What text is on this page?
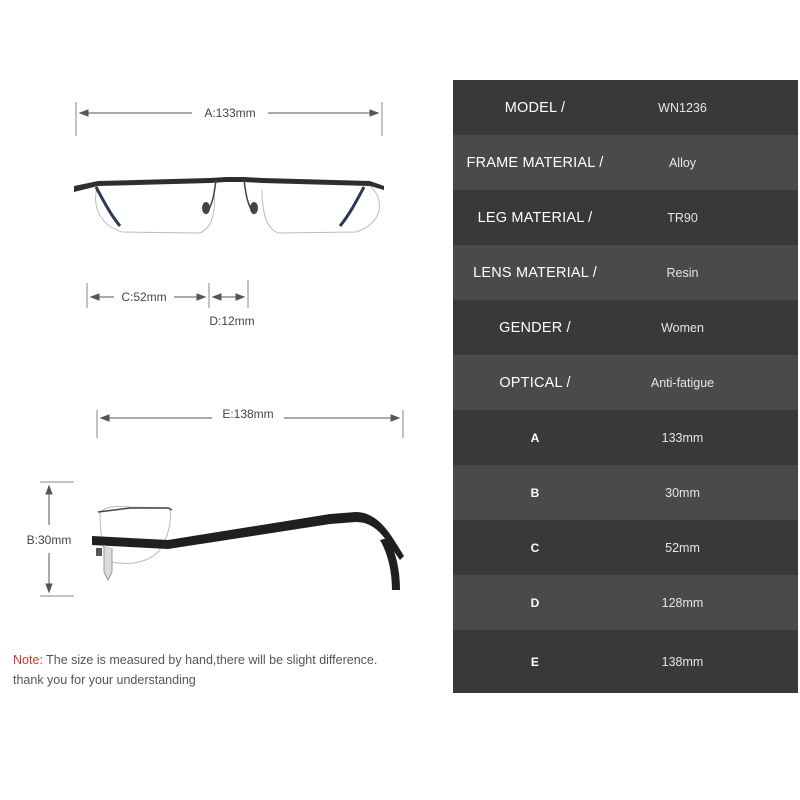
A:133mm
C:52mm
D:12mm
E:138mm
B:30mm
MODEL /	WN1236
FRAME MATERIAL /	Alloy
LEG MATERIAL /	TR90
LENS MATERIAL /	Resin
GENDER /	Women
OPTICAL /	Anti-fatigue
A	133mm
B	30mm
C	52mm
D	128mm
E	138mm
Note: The size is measured by hand,there will be slight difference.
thank you for your understanding
